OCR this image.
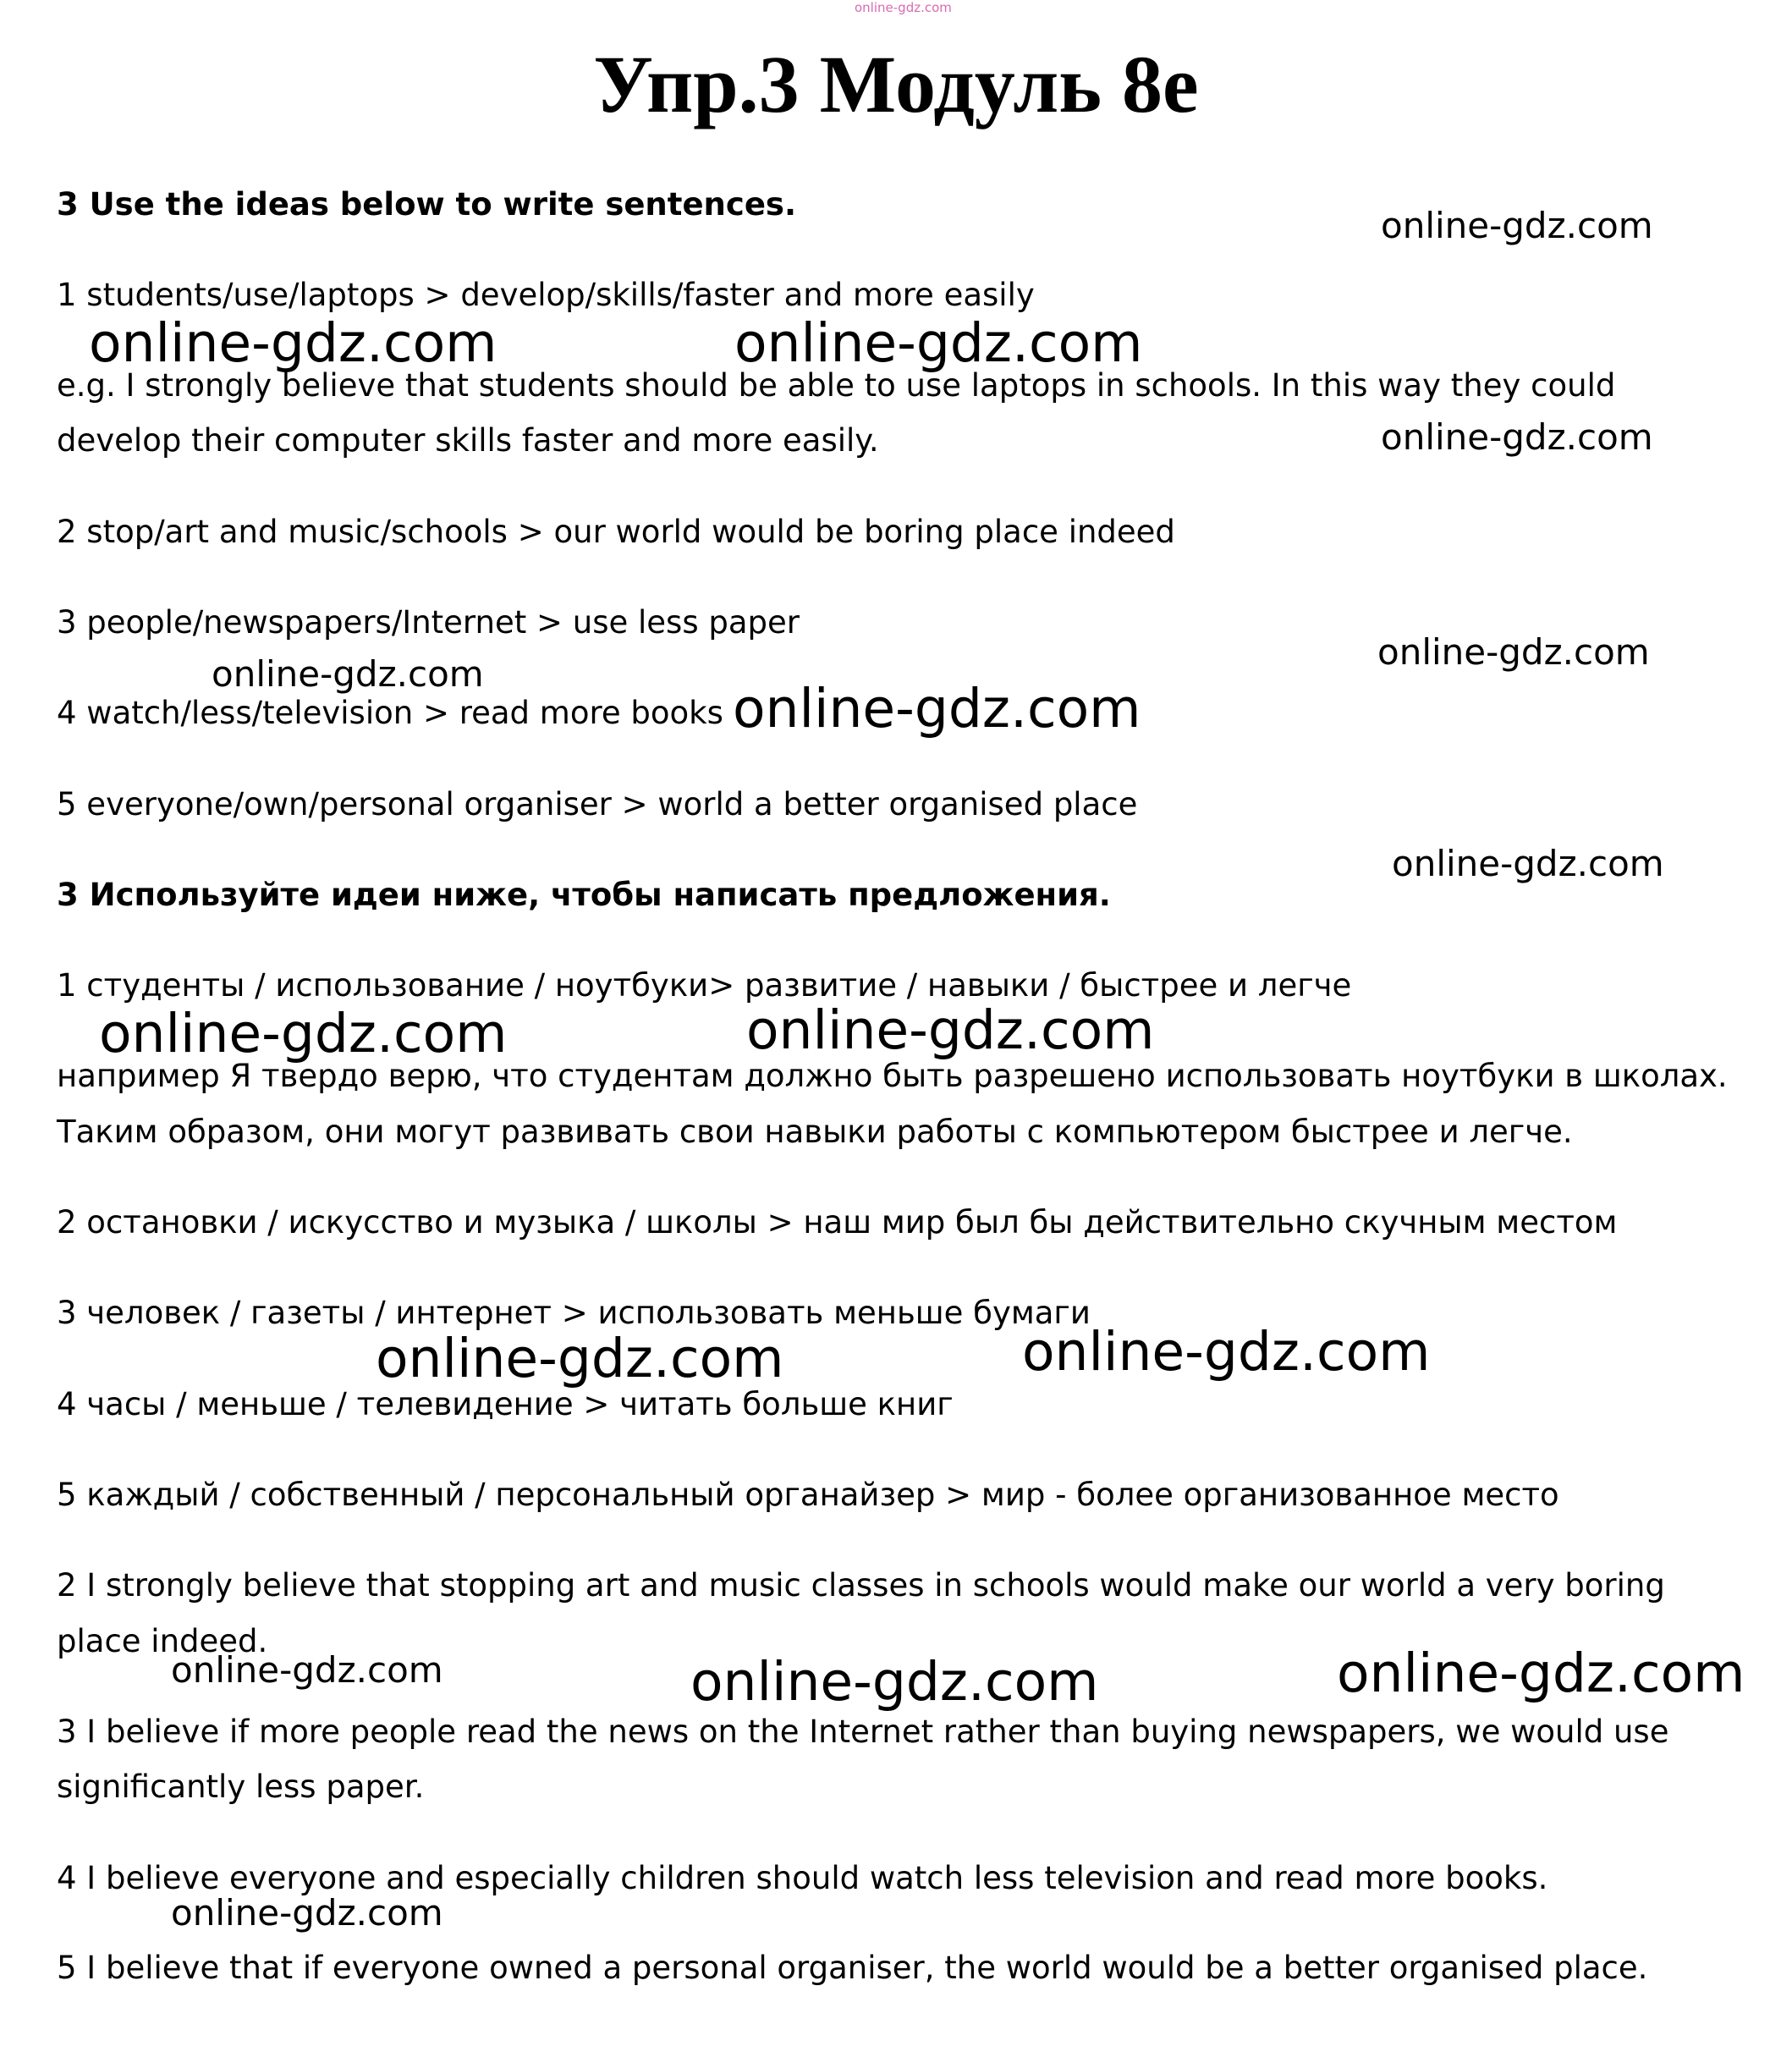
online-gdz.com
Упр.3 Модуль 8е
3 Use the ideas below to write sentences.
1 students/use/laptops > develop/skills/faster and more easily
e.g. I strongly believe that students should be able to use laptops in schools. In this way they could
develop their computer skills faster and more easily.
2 stop/art and music/schools > our world would be boring place indeed
3 people/newspapers/Internet > use less paper
4 watch/less/television > read more books
5 everyone/own/personal organiser > world a better organised place
3 Используйте идеи ниже, чтобы написать предложения.
1 студенты / использование / ноутбуки> развитие / навыки / быстрее и легче
например Я твердо верю, что студентам должно быть разрешено использовать ноутбуки в школах.
Таким образом, они могут развивать свои навыки работы с компьютером быстрее и легче.
2 остановки / искусство и музыка / школы > наш мир был бы действительно скучным местом
3 человек / газеты / интернет > использовать меньше бумаги
4 часы / меньше / телевидение > читать больше книг
5 каждый / собственный / персональный органайзер > мир - более организованное место
2 I strongly believe that stopping art and music classes in schools would make our world a very boring
place indeed.
3 I believe if more people read the news on the Internet rather than buying newspapers, we would use
significantly less paper.
4 I believe everyone and especially children should watch less television and read more books.
5 I believe that if everyone owned a personal organiser, the world would be a better organised place.
online-gdz.com
online-gdz.com	online-gdz.com
online-gdz.com
online-gdz.com
online-gdz.com
online-gdz.com
online-gdz.com
online-gdz.com	online-gdz.com
online-gdz.com	online-gdz.com
online-gdz.com	online-gdz.com	online-gdz.com
online-gdz.com
